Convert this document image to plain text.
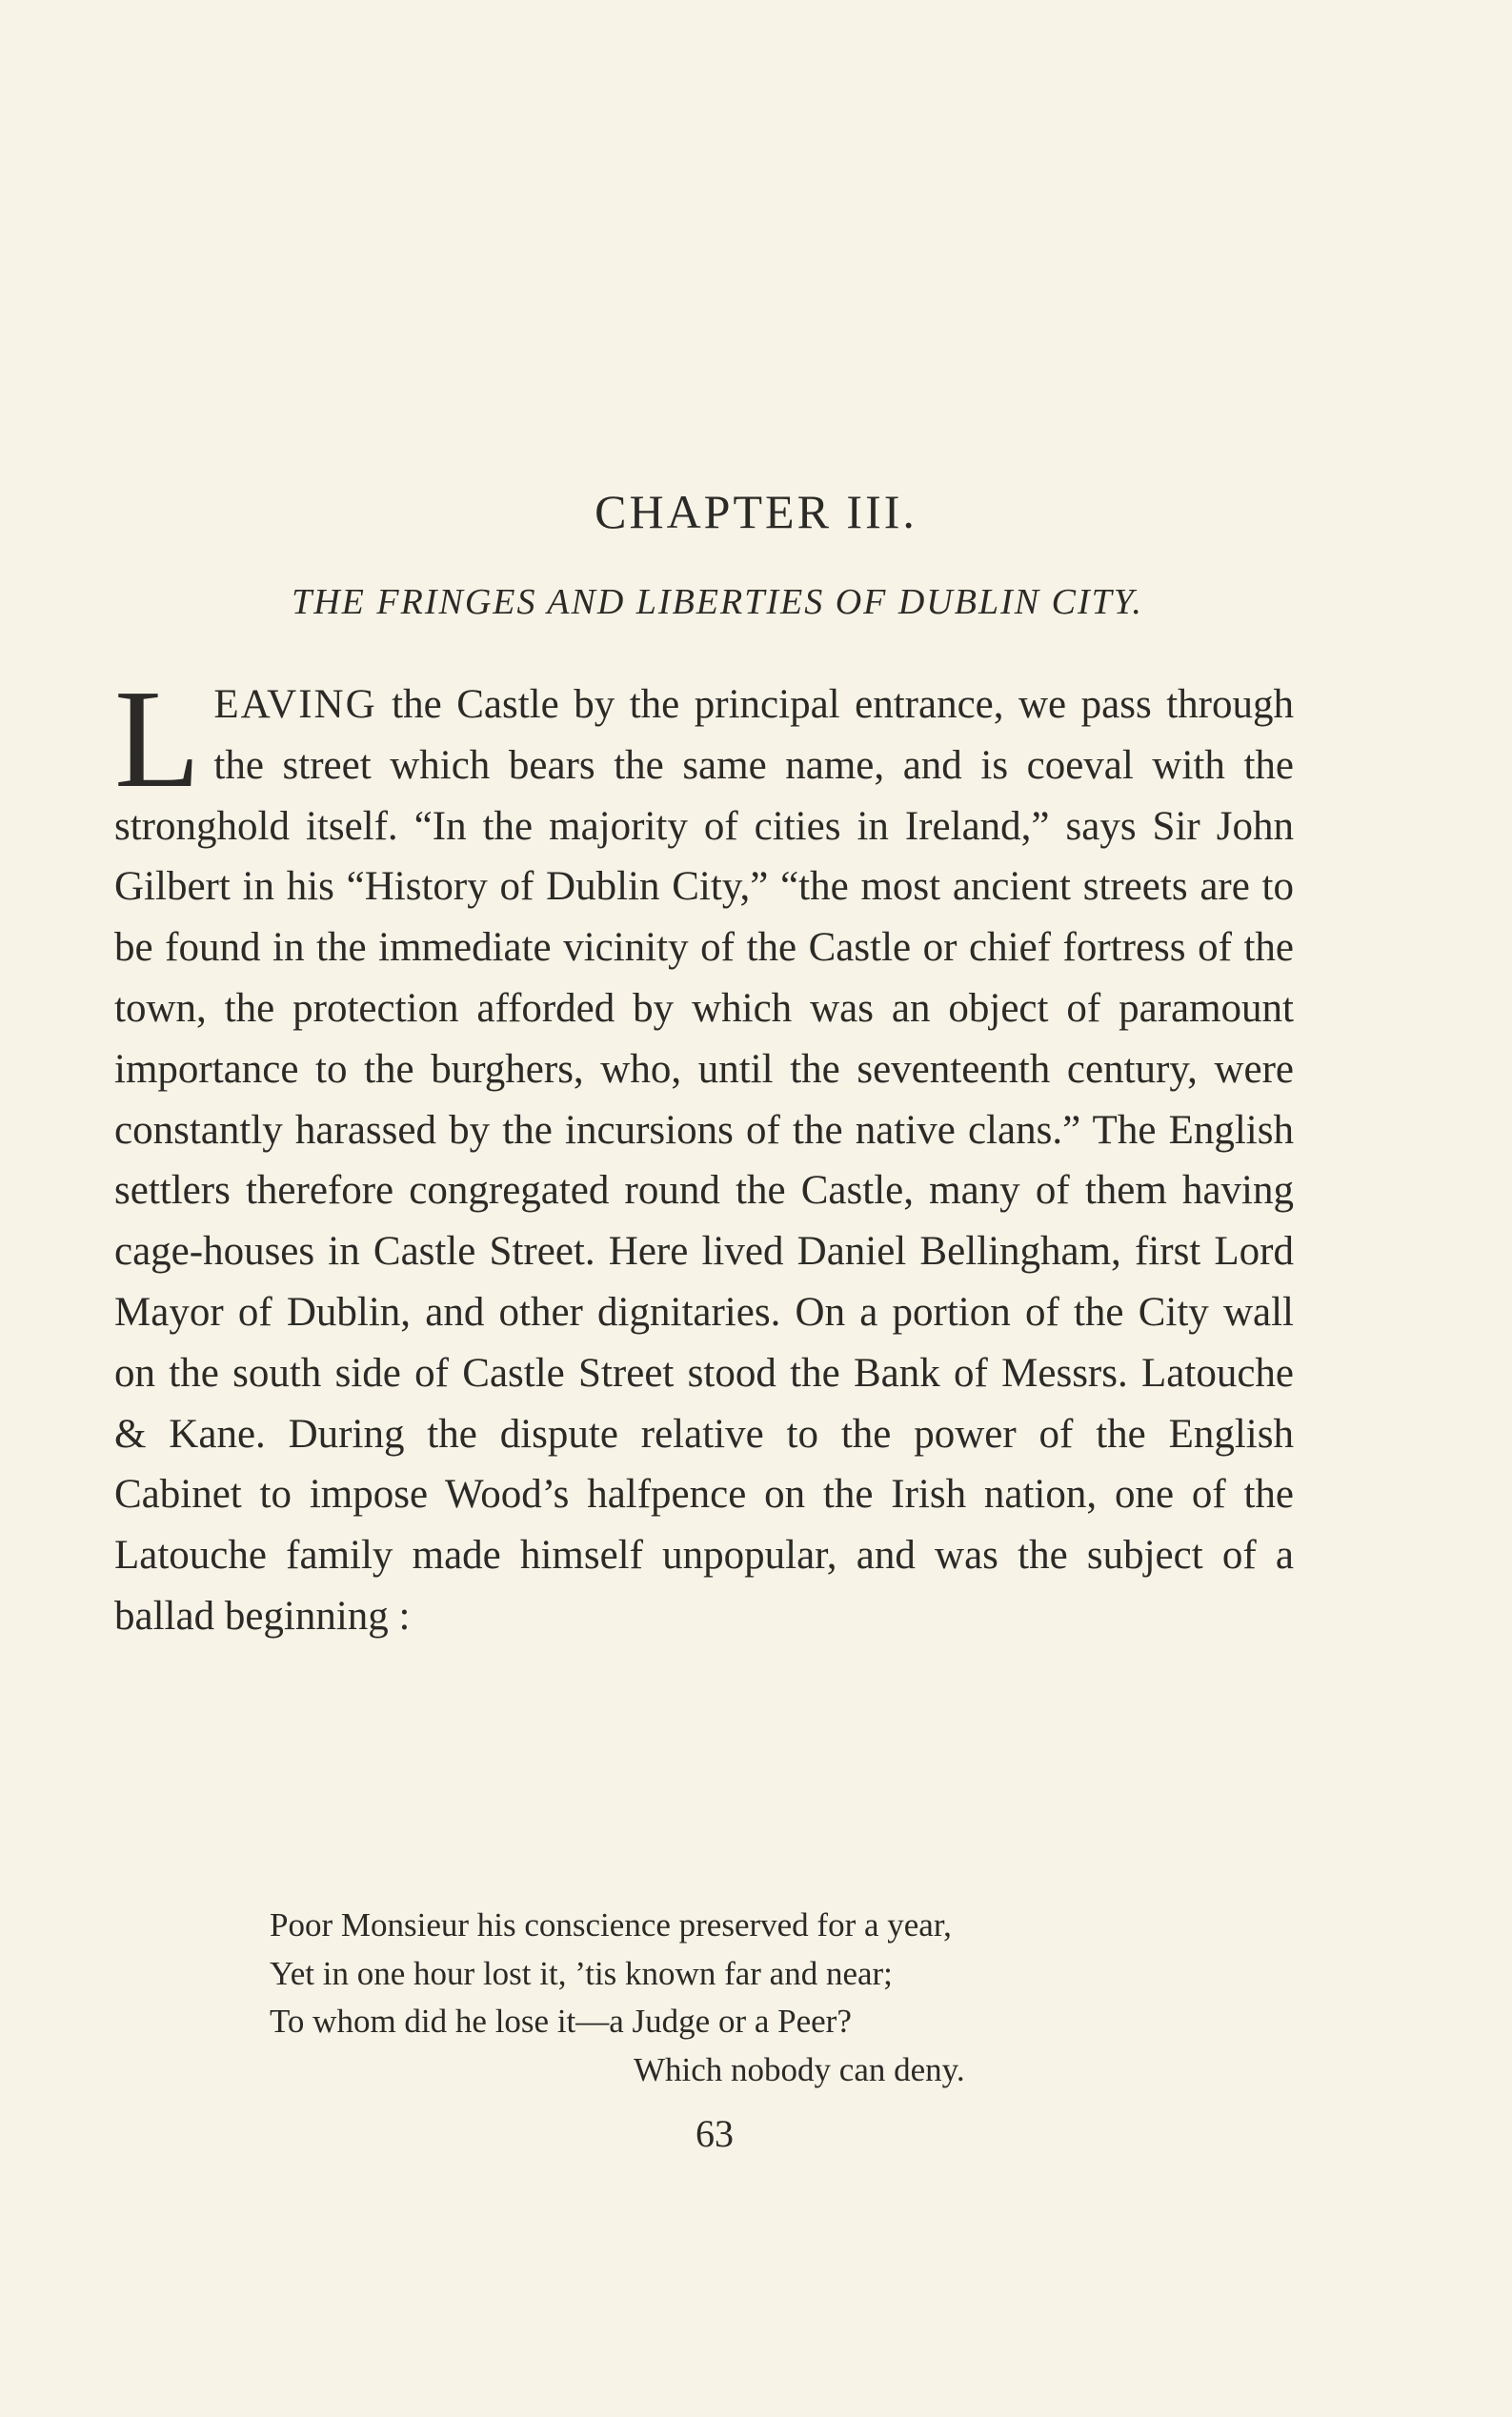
CHAPTER III.
THE FRINGES AND LIBERTIES OF DUBLIN CITY.
LEAVING the Castle by the principal entrance, we pass through the street which bears the same name, and is coeval with the stronghold itself. “In the majority of cities in Ireland,” says Sir John Gilbert in his “History of Dublin City,” “the most ancient streets are to be found in the immediate vicinity of the Castle or chief fortress of the town, the protection afforded by which was an object of paramount importance to the burghers, who, until the seventeenth century, were constantly harassed by the incursions of the native clans.” The English settlers therefore congregated round the Castle, many of them having cage-houses in Castle Street. Here lived Daniel Bellingham, first Lord Mayor of Dublin, and other dignitaries. On a portion of the City wall on the south side of Castle Street stood the Bank of Messrs. Latouche & Kane. During the dispute relative to the power of the English Cabinet to impose Wood’s halfpence on the Irish nation, one of the Latouche family made himself unpopular, and was the subject of a ballad beginning :
Poor Monsieur his conscience preserved for a year,
Yet in one hour lost it, ’tis known far and near;
To whom did he lose it—a Judge or a Peer?
Which nobody can deny.
63
